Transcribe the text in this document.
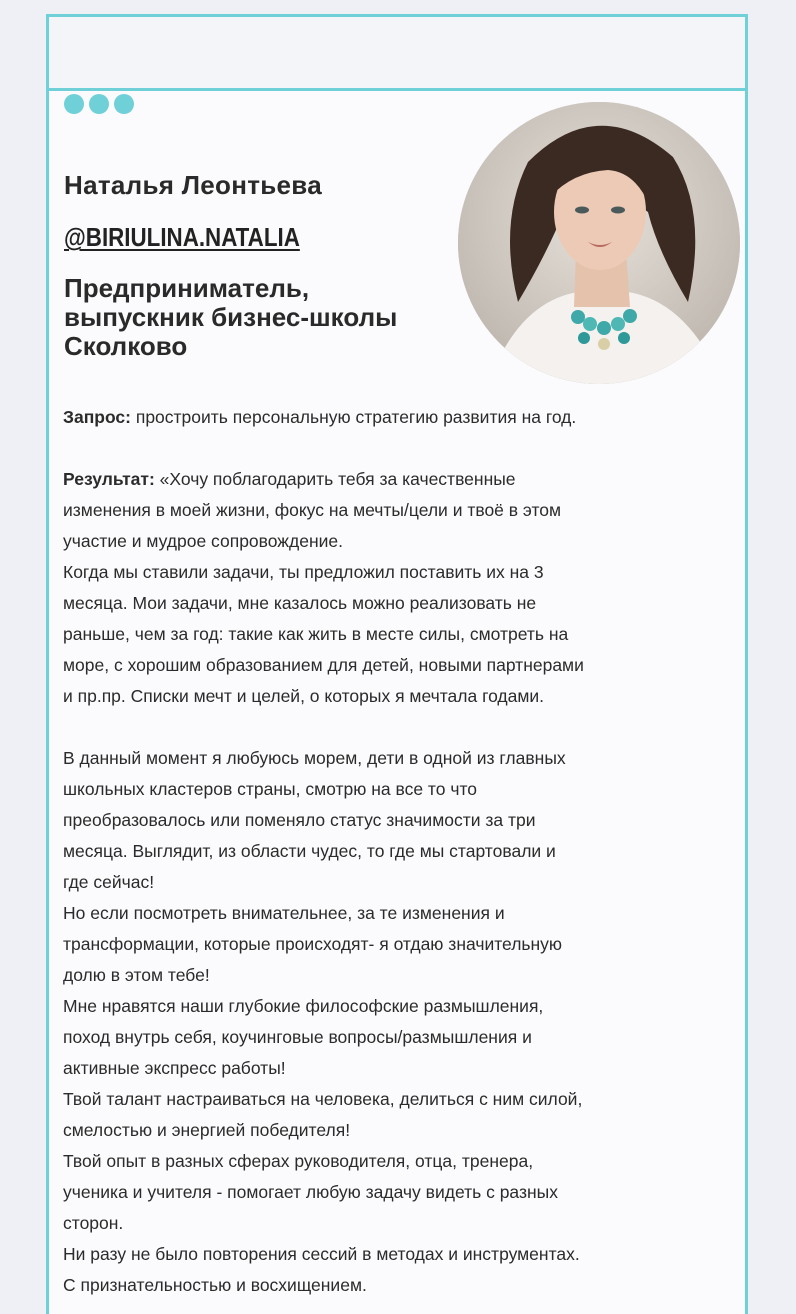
Наталья Леонтьева
@BIRIULINA.NATALIA
Предприниматель,
выпускник бизнес-школы
Сколково

Запрос: простроить персональную стратегию развития на год.

Результат: «Хочу поблагодарить тебя за качественные

изменения в моей жизни, фокус на мечты/цели и твоё в этом

участие и мудрое сопровождение.

Когда мы ставили задачи, ты предложил поставить их на 3

месяца. Мои задачи, мне казалось можно реализовать не

раньше, чем за год: такие как жить в месте силы, смотреть на

море, с хорошим образованием для детей, новыми партнерами

и пр.пр. Списки мечт и целей, о которых я мечтала годами.

В данный момент я любуюсь морем, дети в одной из главных

школьных кластеров страны, смотрю на все то что

преобразовалось или поменяло статус значимости за три

месяца. Выглядит, из области чудес, то где мы стартовали и

где сейчас!

Но если посмотреть внимательнее, за те изменения и

трансформации, которые происходят- я отдаю значительную

долю в этом тебе!

Мне нравятся наши глубокие философские размышления,

поход внутрь себя, коучинговые вопросы/размышления и

активные экспресс работы!

Твой талант настраиваться на человека, делиться с ним силой,

смелостью и энергией победителя!

Твой опыт в разных сферах руководителя, отца, тренера,

ученика и учителя - помогает любую задачу видеть с разных

сторон.

Ни разу не было повторения сессий в методах и инструментах.

С признательностью и восхищением.
